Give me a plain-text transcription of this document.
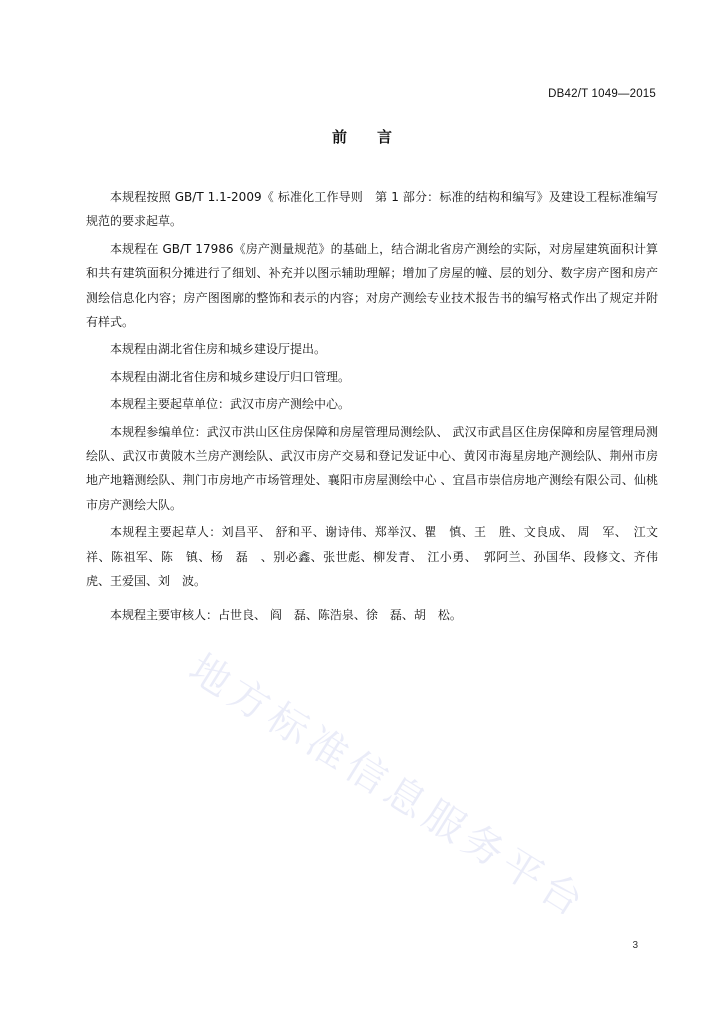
DB42/T 1049—2015
前言

本规程按照 GB/T 1.1-2009《 标准化工作导则　第 1 部分：标准的结构和编写》及建设工程标准编写规范的要求起草。

本规程在 GB/T 17986《房产测量规范》的基础上，结合湖北省房产测绘的实际，对房屋建筑面积计算和共有建筑面积分摊进行了细划、补充并以图示辅助理解；增加了房屋的幢、层的划分、数字房产图和房产测绘信息化内容；房产图图廓的整饰和表示的内容；对房产测绘专业技术报告书的编写格式作出了规定并附有样式。

本规程由湖北省住房和城乡建设厅提出。

本规程由湖北省住房和城乡建设厅归口管理。

本规程主要起草单位：武汉市房产测绘中心。

本规程参编单位：武汉市洪山区住房保障和房屋管理局测绘队、 武汉市武昌区住房保障和房屋管理局测绘队、武汉市黄陂木兰房产测绘队、武汉市房产交易和登记发证中心、黄冈市海星房地产测绘队、荆州市房地产地籍测绘队、荆门市房地产市场管理处、襄阳市房屋测绘中心 、宜昌市崇信房地产测绘有限公司、仙桃市房产测绘大队。

本规程主要起草人：刘昌平、 舒和平、谢诗伟、郑举汉、瞿　慎、王　胜、文良成、 周　军、　江文祥、陈祖军、陈　镇、杨　磊　、别必鑫、张世彪、柳发青、 江小勇、　郭阿兰、孙国华、段修文、齐伟虎、王爱国、刘　波。

本规程主要审核人：占世良、 阎　磊、陈浩泉、徐　磊、胡　松。

地方标准信息服务平台
3
